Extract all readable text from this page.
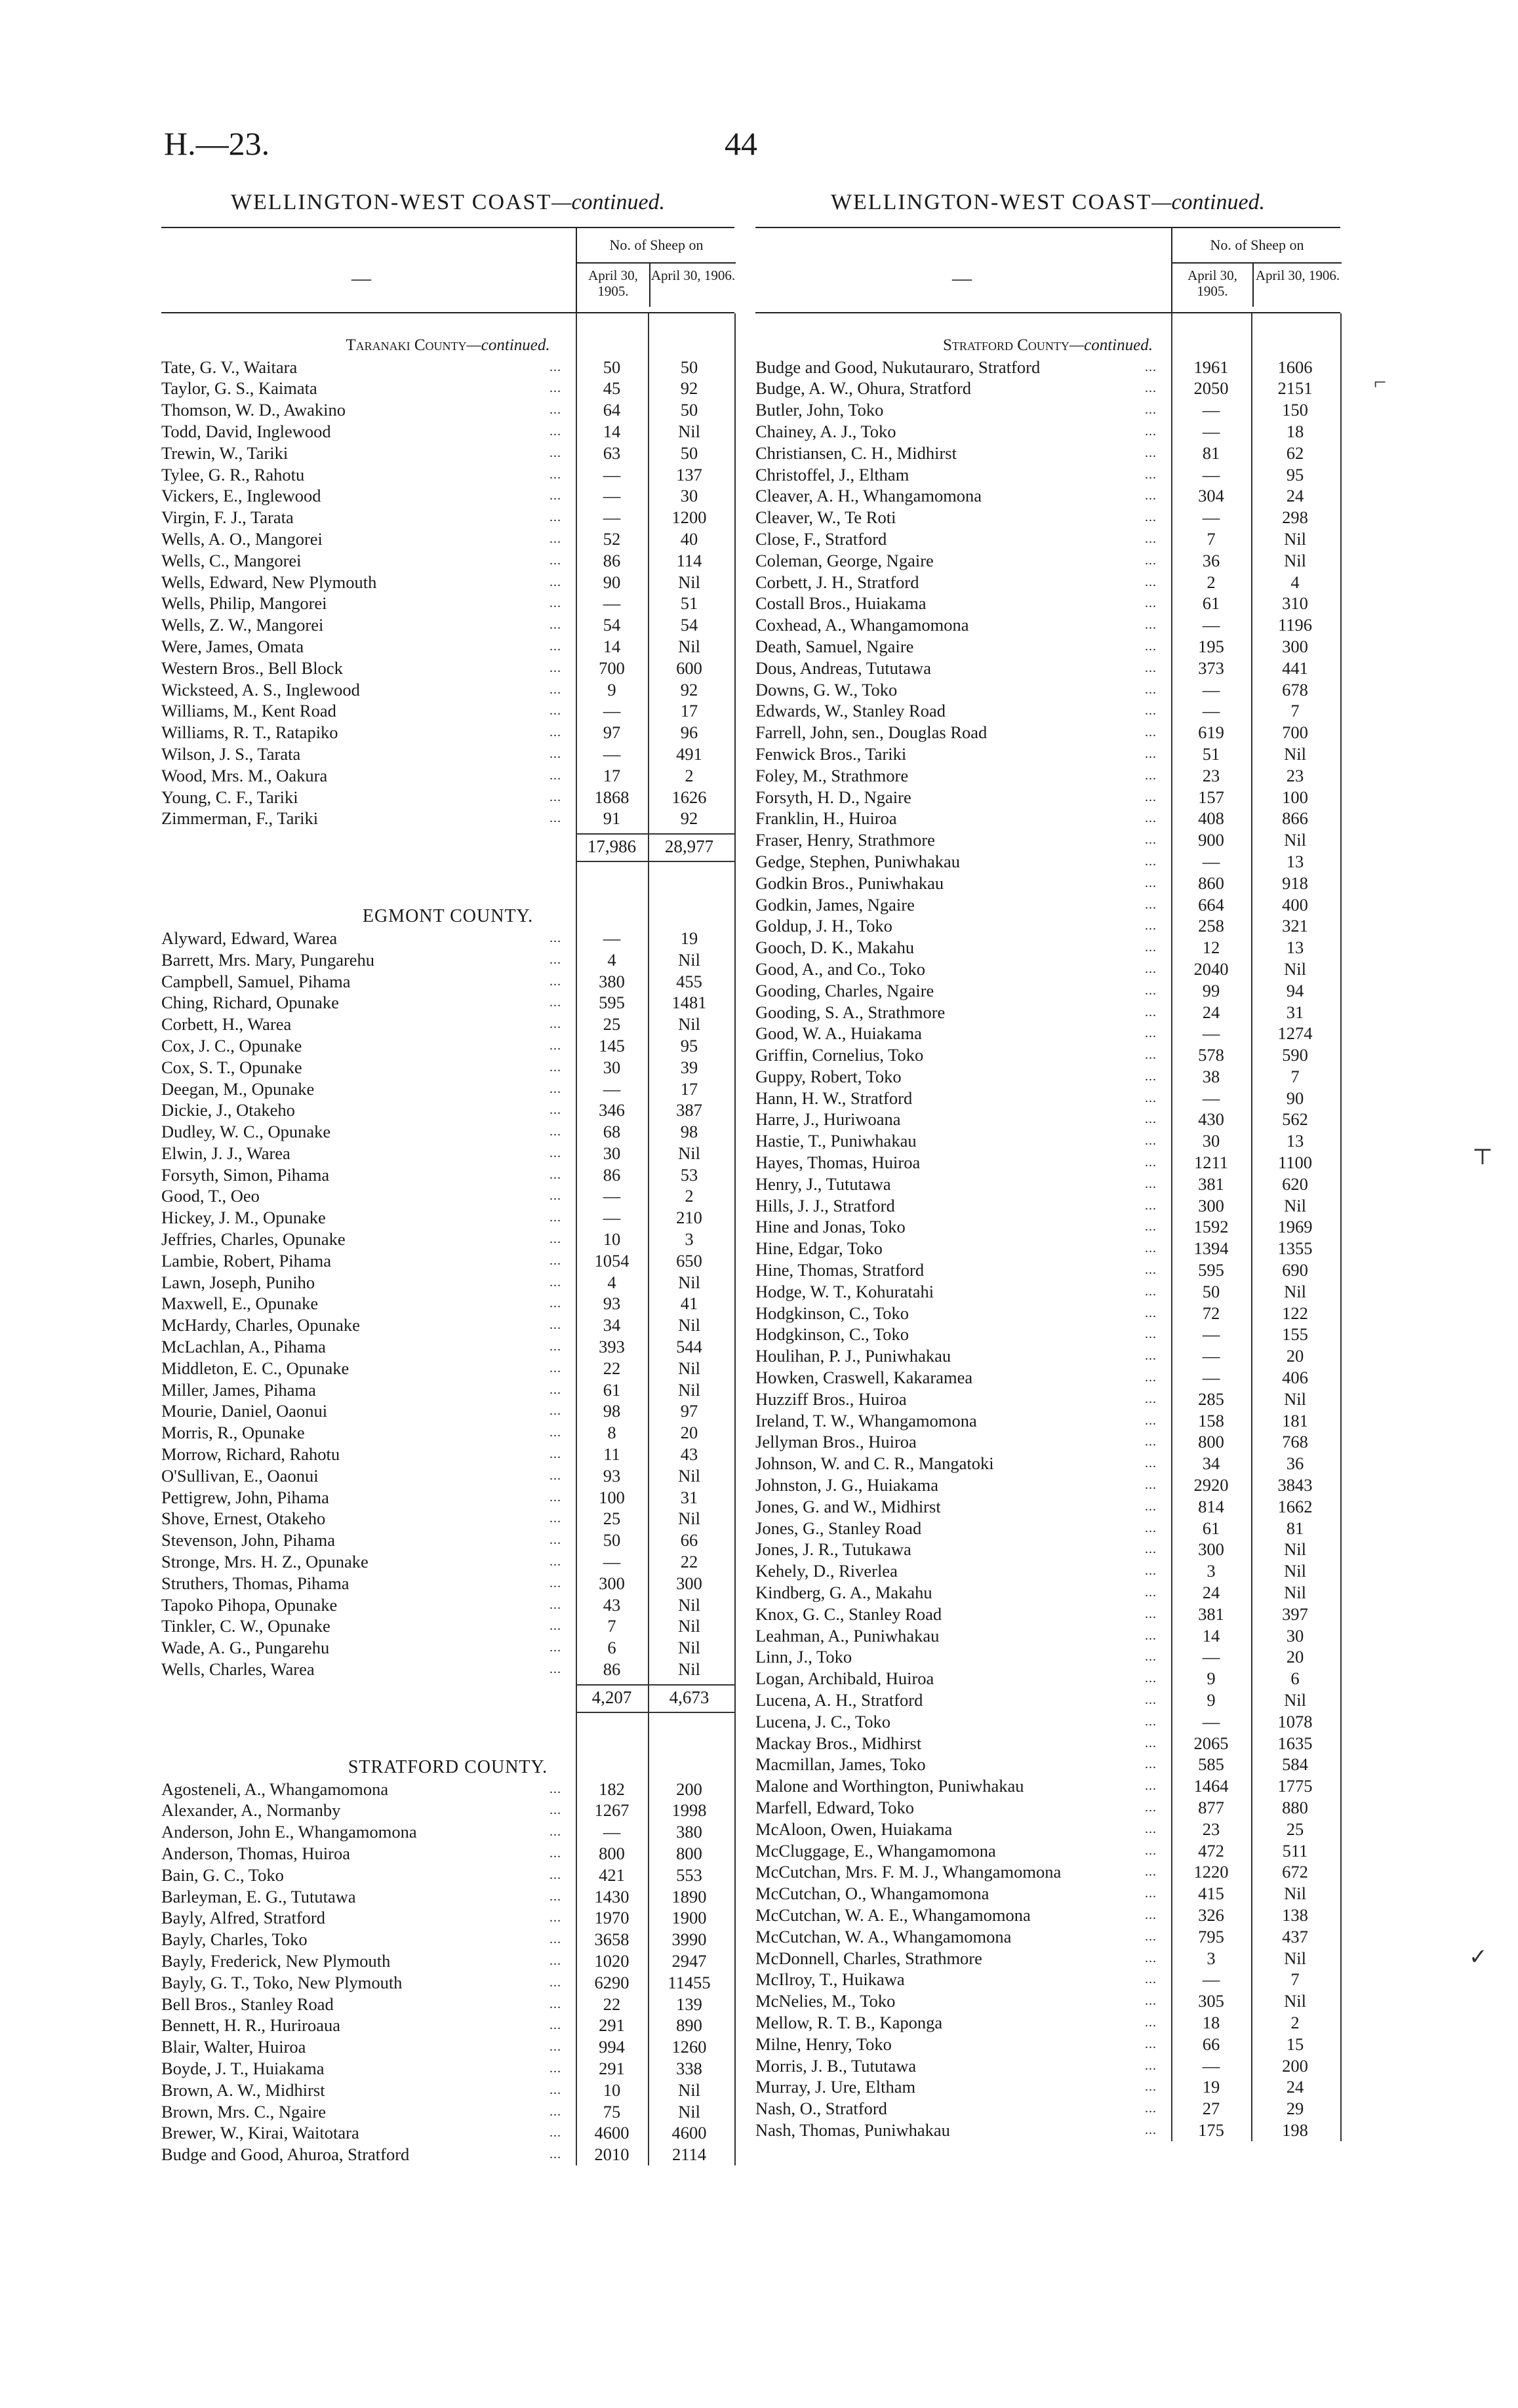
H.—23.	44
WELLINGTON-WEST COAST—continued.
—
No. of Sheep on
April 30, 1905.
April 30, 1906.
Taranaki County—continued.
Tate, G. V., Waitara	...	50	50
Taylor, G. S., Kaimata	...	45	92
Thomson, W. D., Awakino	...	64	50
Todd, David, Inglewood	...	14	Nil
Trewin, W., Tariki	...	63	50
Tylee, G. R., Rahotu	...	—	137
Vickers, E., Inglewood	...	—	30
Virgin, F. J., Tarata	...	—	1200
Wells, A. O., Mangorei	...	52	40
Wells, C., Mangorei	...	86	114
Wells, Edward, New Plymouth	...	90	Nil
Wells, Philip, Mangorei	...	—	51
Wells, Z. W., Mangorei	...	54	54
Were, James, Omata	...	14	Nil
Western Bros., Bell Block	...	700	600
Wicksteed, A. S., Inglewood	...	9	92
Williams, M., Kent Road	...	—	17
Williams, R. T., Ratapiko	...	97	96
Wilson, J. S., Tarata	...	—	491
Wood, Mrs. M., Oakura	...	17	2
Young, C. F., Tariki	...	1868	1626
Zimmerman, F., Tariki	...	91	92
17,986	28,977
EGMONT COUNTY.
Alyward, Edward, Warea	...	—	19
Barrett, Mrs. Mary, Pungarehu	...	4	Nil
Campbell, Samuel, Pihama	...	380	455
Ching, Richard, Opunake	...	595	1481
Corbett, H., Warea	...	25	Nil
Cox, J. C., Opunake	...	145	95
Cox, S. T., Opunake	...	30	39
Deegan, M., Opunake	...	—	17
Dickie, J., Otakeho	...	346	387
Dudley, W. C., Opunake	...	68	98
Elwin, J. J., Warea	...	30	Nil
Forsyth, Simon, Pihama	...	86	53
Good, T., Oeo	...	—	2
Hickey, J. M., Opunake	...	—	210
Jeffries, Charles, Opunake	...	10	3
Lambie, Robert, Pihama	...	1054	650
Lawn, Joseph, Puniho	...	4	Nil
Maxwell, E., Opunake	...	93	41
McHardy, Charles, Opunake	...	34	Nil
McLachlan, A., Pihama	...	393	544
Middleton, E. C., Opunake	...	22	Nil
Miller, James, Pihama	...	61	Nil
Mourie, Daniel, Oaonui	...	98	97
Morris, R., Opunake	...	8	20
Morrow, Richard, Rahotu	...	11	43
O'Sullivan, E., Oaonui	...	93	Nil
Pettigrew, John, Pihama	...	100	31
Shove, Ernest, Otakeho	...	25	Nil
Stevenson, John, Pihama	...	50	66
Stronge, Mrs. H. Z., Opunake	...	—	22
Struthers, Thomas, Pihama	...	300	300
Tapoko Pihopa, Opunake	...	43	Nil
Tinkler, C. W., Opunake	...	7	Nil
Wade, A. G., Pungarehu	...	6	Nil
Wells, Charles, Warea	...	86	Nil
4,207	4,673
STRATFORD COUNTY.
Agosteneli, A., Whangamomona	...	182	200
Alexander, A., Normanby	...	1267	1998
Anderson, John E., Whangamomona	...	—	380
Anderson, Thomas, Huiroa	...	800	800
Bain, G. C., Toko	...	421	553
Barleyman, E. G., Tututawa	...	1430	1890
Bayly, Alfred, Stratford	...	1970	1900
Bayly, Charles, Toko	...	3658	3990
Bayly, Frederick, New Plymouth	...	1020	2947
Bayly, G. T., Toko, New Plymouth	...	6290	11455
Bell Bros., Stanley Road	...	22	139
Bennett, H. R., Huriroaua	...	291	890
Blair, Walter, Huiroa	...	994	1260
Boyde, J. T., Huiakama	...	291	338
Brown, A. W., Midhirst	...	10	Nil
Brown, Mrs. C., Ngaire	...	75	Nil
Brewer, W., Kirai, Waitotara	...	4600	4600
Budge and Good, Ahuroa, Stratford	...	2010	2114
WELLINGTON-WEST COAST—continued.
—
No. of Sheep on
April 30, 1905.
April 30, 1906.
Stratford County—continued.
Budge and Good, Nukutauraro, Stratford	...	1961	1606
Budge, A. W., Ohura, Stratford	...	2050	2151
Butler, John, Toko	...	—	150
Chainey, A. J., Toko	...	—	18
Christiansen, C. H., Midhirst	...	81	62
Christoffel, J., Eltham	...	—	95
Cleaver, A. H., Whangamomona	...	304	24
Cleaver, W., Te Roti	...	—	298
Close, F., Stratford	...	7	Nil
Coleman, George, Ngaire	...	36	Nil
Corbett, J. H., Stratford	...	2	4
Costall Bros., Huiakama	...	61	310
Coxhead, A., Whangamomona	...	—	1196
Death, Samuel, Ngaire	...	195	300
Dous, Andreas, Tututawa	...	373	441
Downs, G. W., Toko	...	—	678
Edwards, W., Stanley Road	...	—	7
Farrell, John, sen., Douglas Road	...	619	700
Fenwick Bros., Tariki	...	51	Nil
Foley, M., Strathmore	...	23	23
Forsyth, H. D., Ngaire	...	157	100
Franklin, H., Huiroa	...	408	866
Fraser, Henry, Strathmore	...	900	Nil
Gedge, Stephen, Puniwhakau	...	—	13
Godkin Bros., Puniwhakau	...	860	918
Godkin, James, Ngaire	...	664	400
Goldup, J. H., Toko	...	258	321
Gooch, D. K., Makahu	...	12	13
Good, A., and Co., Toko	...	2040	Nil
Gooding, Charles, Ngaire	...	99	94
Gooding, S. A., Strathmore	...	24	31
Good, W. A., Huiakama	...	—	1274
Griffin, Cornelius, Toko	...	578	590
Guppy, Robert, Toko	...	38	7
Hann, H. W., Stratford	...	—	90
Harre, J., Huriwoana	...	430	562
Hastie, T., Puniwhakau	...	30	13
Hayes, Thomas, Huiroa	...	1211	1100
Henry, J., Tututawa	...	381	620
Hills, J. J., Stratford	...	300	Nil
Hine and Jonas, Toko	...	1592	1969
Hine, Edgar, Toko	...	1394	1355
Hine, Thomas, Stratford	...	595	690
Hodge, W. T., Kohuratahi	...	50	Nil
Hodgkinson, C., Toko	...	72	122
Hodgkinson, C., Toko	...	—	155
Houlihan, P. J., Puniwhakau	...	—	20
Howken, Craswell, Kakaramea	...	—	406
Huzziff Bros., Huiroa	...	285	Nil
Ireland, T. W., Whangamomona	...	158	181
Jellyman Bros., Huiroa	...	800	768
Johnson, W. and C. R., Mangatoki	...	34	36
Johnston, J. G., Huiakama	...	2920	3843
Jones, G. and W., Midhirst	...	814	1662
Jones, G., Stanley Road	...	61	81
Jones, J. R., Tutukawa	...	300	Nil
Kehely, D., Riverlea	...	3	Nil
Kindberg, G. A., Makahu	...	24	Nil
Knox, G. C., Stanley Road	...	381	397
Leahman, A., Puniwhakau	...	14	30
Linn, J., Toko	...	—	20
Logan, Archibald, Huiroa	...	9	6
Lucena, A. H., Stratford	...	9	Nil
Lucena, J. C., Toko	...	—	1078
Mackay Bros., Midhirst	...	2065	1635
Macmillan, James, Toko	...	585	584
Malone and Worthington, Puniwhakau	...	1464	1775
Marfell, Edward, Toko	...	877	880
McAloon, Owen, Huiakama	...	23	25
McCluggage, E., Whangamomona	...	472	511
McCutchan, Mrs. F. M. J., Whangamomona	...	1220	672
McCutchan, O., Whangamomona	...	415	Nil
McCutchan, W. A. E., Whangamomona	...	326	138
McCutchan, W. A., Whangamomona	...	795	437
McDonnell, Charles, Strathmore	...	3	Nil
McIlroy, T., Huikawa	...	—	7
McNelies, M., Toko	...	305	Nil
Mellow, R. T. B., Kaponga	...	18	2
Milne, Henry, Toko	...	66	15
Morris, J. B., Tututawa	...	—	200
Murray, J. Ure, Eltham	...	19	24
Nash, O., Stratford	...	27	29
Nash, Thomas, Puniwhakau	...	175	198
⌐
⊤
✓
